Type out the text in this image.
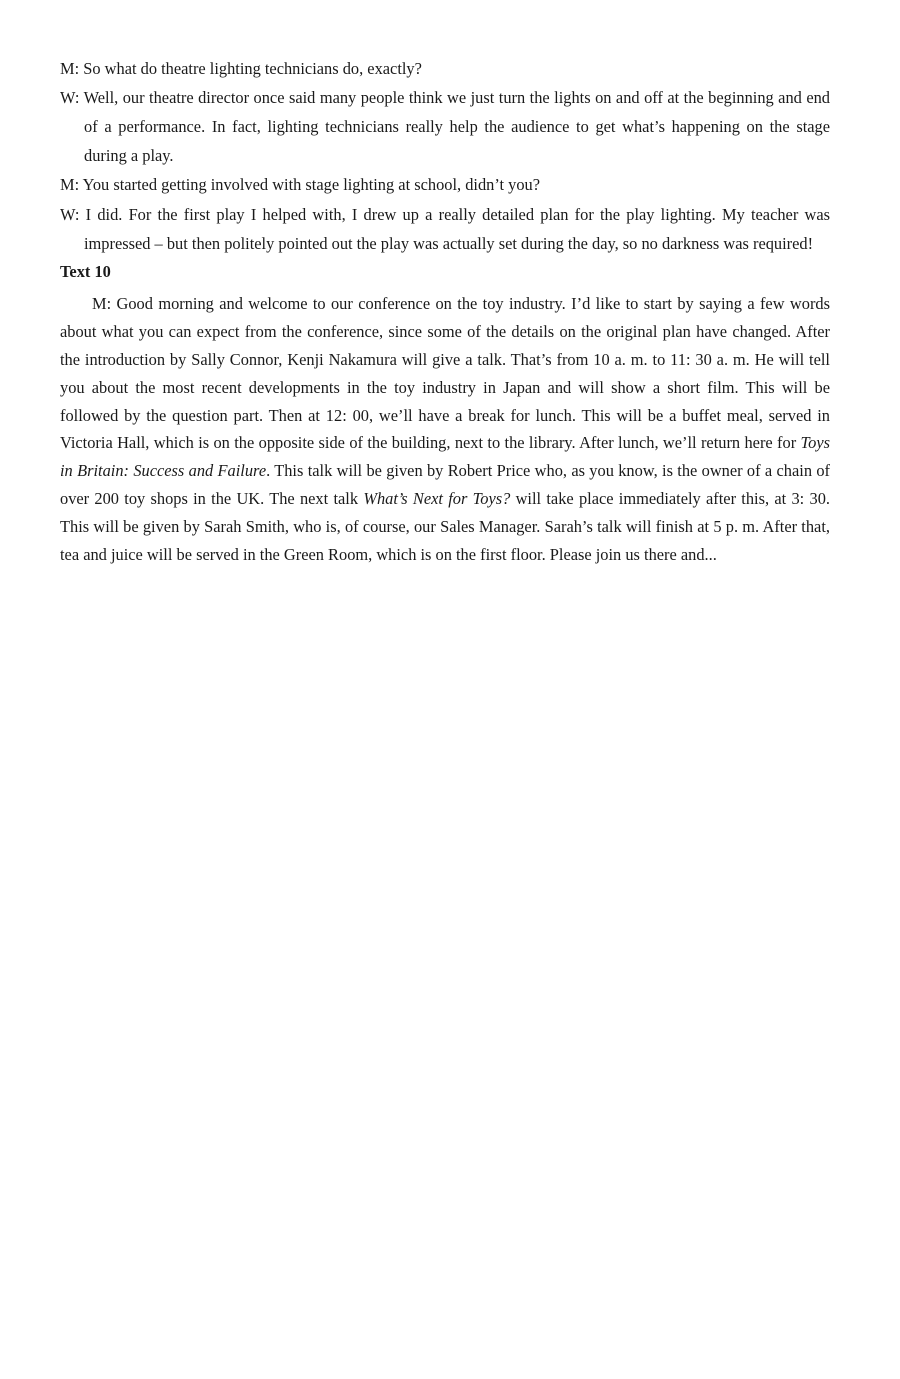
M: So what do theatre lighting technicians do, exactly?

W: Well, our theatre director once said many people think we just turn the lights on and off at the beginning and end of a performance. In fact, lighting technicians really help the audience to get what’s happening on the stage during a play.

M: You started getting involved with stage lighting at school, didn’t you?

W: I did. For the first play I helped with, I drew up a really detailed plan for the play lighting. My teacher was impressed – but then politely pointed out the play was actually set during the day, so no darkness was required!

Text 10

M: Good morning and welcome to our conference on the toy industry. I’d like to start by saying a few words about what you can expect from the conference, since some of the details on the original plan have changed. After the introduction by Sally Connor, Kenji Nakamura will give a talk. That’s from 10 a. m. to 11: 30 a. m. He will tell you about the most recent developments in the toy industry in Japan and will show a short film. This will be followed by the question part. Then at 12: 00, we’ll have a break for lunch. This will be a buffet meal, served in Victoria Hall, which is on the opposite side of the building, next to the library. After lunch, we’ll return here for Toys in Britain: Success and Failure. This talk will be given by Robert Price who, as you know, is the owner of a chain of over 200 toy shops in the UK. The next talk What’s Next for Toys? will take place immediately after this, at 3: 30. This will be given by Sarah Smith, who is, of course, our Sales Manager. Sarah’s talk will finish at 5 p. m. After that, tea and juice will be served in the Green Room, which is on the first floor. Please join us there and...
